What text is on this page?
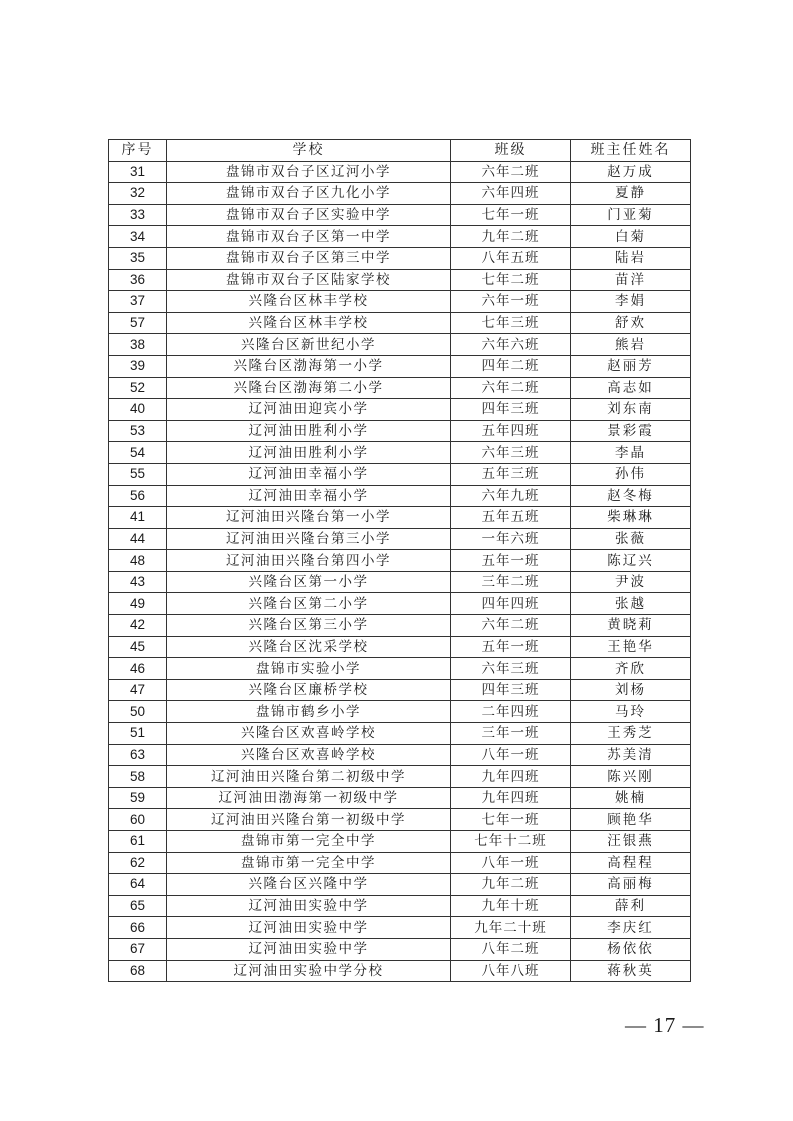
序号	学校	班级	班主任姓名
31	盘锦市双台子区辽河小学	六年二班	赵万成
32	盘锦市双台子区九化小学	六年四班	夏静
33	盘锦市双台子区实验中学	七年一班	门亚菊
34	盘锦市双台子区第一中学	九年二班	白菊
35	盘锦市双台子区第三中学	八年五班	陆岩
36	盘锦市双台子区陆家学校	七年二班	苗洋
37	兴隆台区林丰学校	六年一班	李娟
57	兴隆台区林丰学校	七年三班	舒欢
38	兴隆台区新世纪小学	六年六班	熊岩
39	兴隆台区渤海第一小学	四年二班	赵丽芳
52	兴隆台区渤海第二小学	六年二班	高志如
40	辽河油田迎宾小学	四年三班	刘东南
53	辽河油田胜利小学	五年四班	景彩霞
54	辽河油田胜利小学	六年三班	李晶
55	辽河油田幸福小学	五年三班	孙伟
56	辽河油田幸福小学	六年九班	赵冬梅
41	辽河油田兴隆台第一小学	五年五班	柴琳琳
44	辽河油田兴隆台第三小学	一年六班	张薇
48	辽河油田兴隆台第四小学	五年一班	陈辽兴
43	兴隆台区第一小学	三年二班	尹波
49	兴隆台区第二小学	四年四班	张越
42	兴隆台区第三小学	六年二班	黄晓莉
45	兴隆台区沈采学校	五年一班	王艳华
46	盘锦市实验小学	六年三班	齐欣
47	兴隆台区廉桥学校	四年三班	刘杨
50	盘锦市鹤乡小学	二年四班	马玲
51	兴隆台区欢喜岭学校	三年一班	王秀芝
63	兴隆台区欢喜岭学校	八年一班	苏美清
58	辽河油田兴隆台第二初级中学	九年四班	陈兴刚
59	辽河油田渤海第一初级中学	九年四班	姚楠
60	辽河油田兴隆台第一初级中学	七年一班	顾艳华
61	盘锦市第一完全中学	七年十二班	汪银燕
62	盘锦市第一完全中学	八年一班	高程程
64	兴隆台区兴隆中学	九年二班	高丽梅
65	辽河油田实验中学	九年十班	薛利
66	辽河油田实验中学	九年二十班	李庆红
67	辽河油田实验中学	八年二班	杨依依
68	辽河油田实验中学分校	八年八班	蒋秋英
— 17 —
